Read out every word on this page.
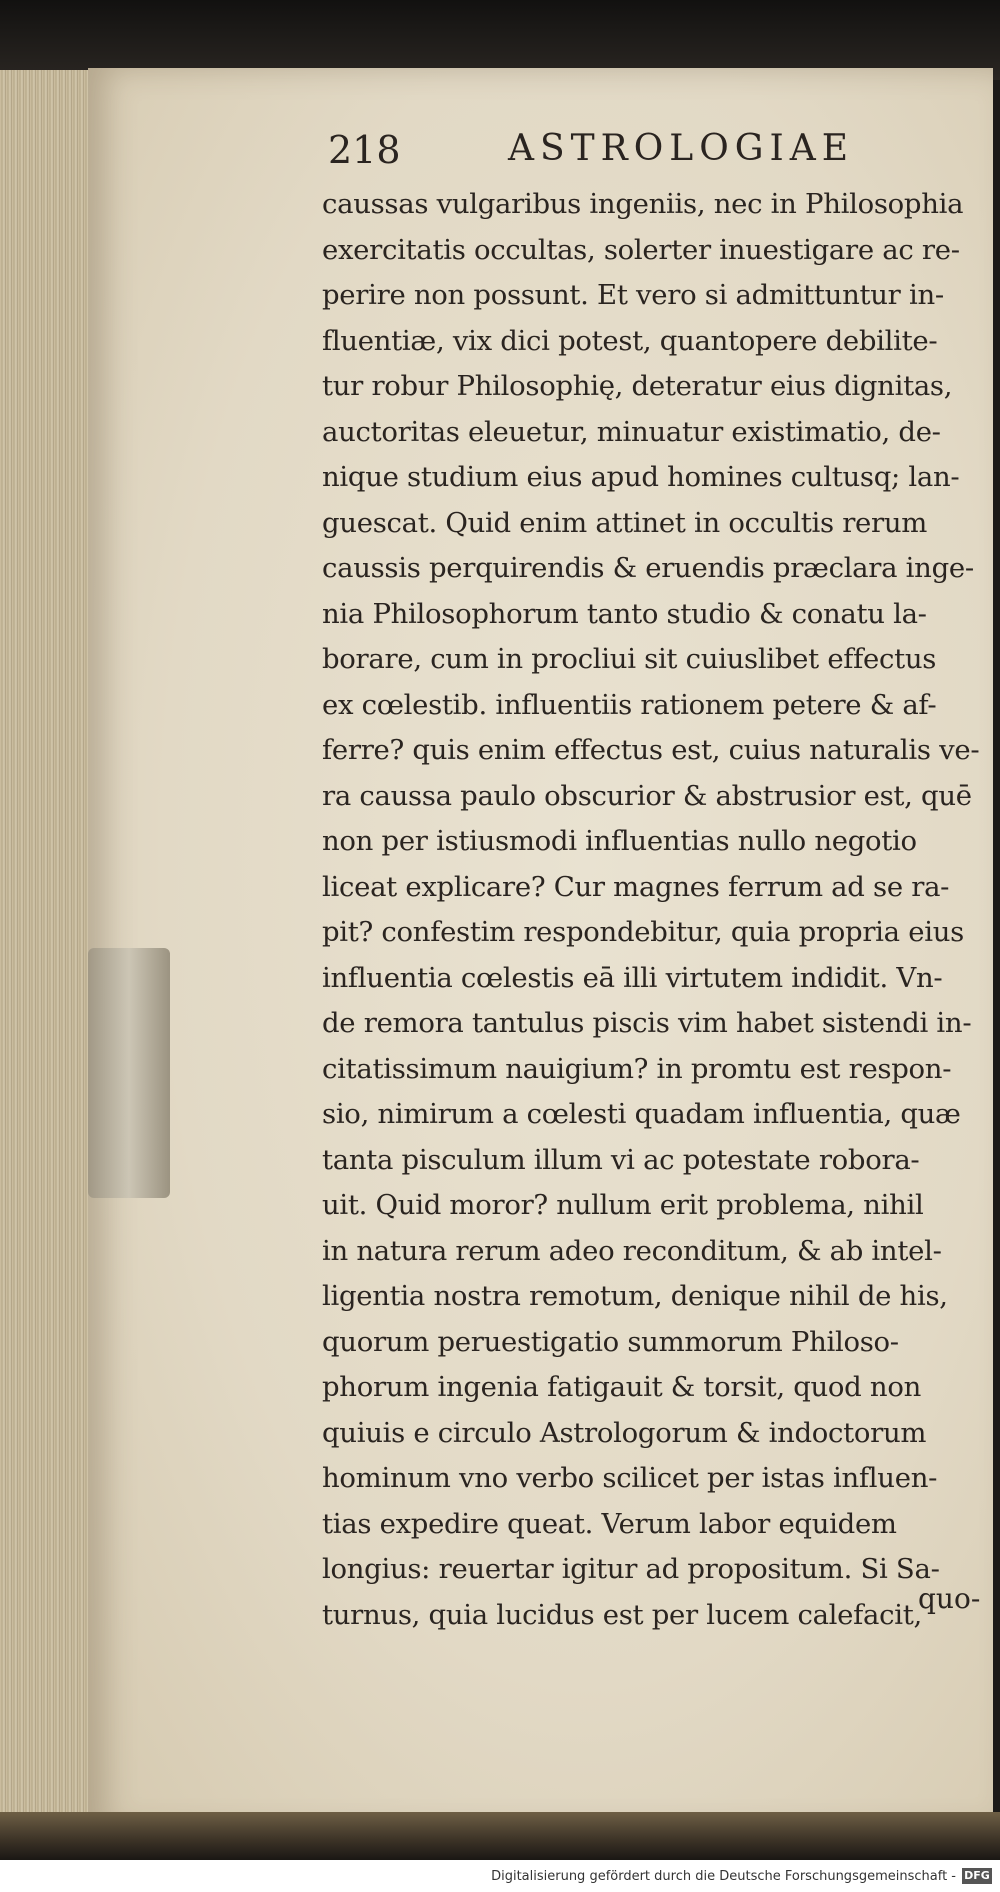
218	ASTROLOGIAE
caussas vulgaribus ingeniis, nec in Philosophia
exercitatis occultas, solerter inuestigare ac re-
perire non possunt. Et vero si admittuntur in-
fluentiæ, vix dici potest, quantopere debilite-
tur robur Philosophię, deteratur eius dignitas,
auctoritas eleuetur, minuatur existimatio, de-
nique studium eius apud homines cultusq; lan-
guescat. Quid enim attinet in occultis rerum
caussis perquirendis & eruendis præclara inge-
nia Philosophorum tanto studio & conatu la-
borare, cum in procliui sit cuiuslibet effectus
ex cœlestib. influentiis rationem petere & af-
ferre? quis enim effectus est, cuius naturalis ve-
ra caussa paulo obscurior & abstrusior est, quē
non per istiusmodi influentias nullo negotio
liceat explicare? Cur magnes ferrum ad se ra-
pit? confestim respondebitur, quia propria eius
influentia cœlestis eā illi virtutem indidit. Vn-
de remora tantulus piscis vim habet sistendi in-
citatissimum nauigium? in promtu est respon-
sio, nimirum a cœlesti quadam influentia, quæ
tanta pisculum illum vi ac potestate robora-
uit. Quid moror? nullum erit problema, nihil
in natura rerum adeo reconditum, & ab intel-
ligentia nostra remotum, denique nihil de his,
quorum peruestigatio summorum Philoso-
phorum ingenia fatigauit & torsit, quod non
quiuis e circulo Astrologorum & indoctorum
hominum vno verbo scilicet per istas influen-
tias expedire queat. Verum labor equidem
longius: reuertar igitur ad propositum. Si Sa-
turnus, quia lucidus est per lucem calefacit,
quo-
Digitalisierung gefördert durch die Deutsche Forschungsgemeinschaft - DFG
